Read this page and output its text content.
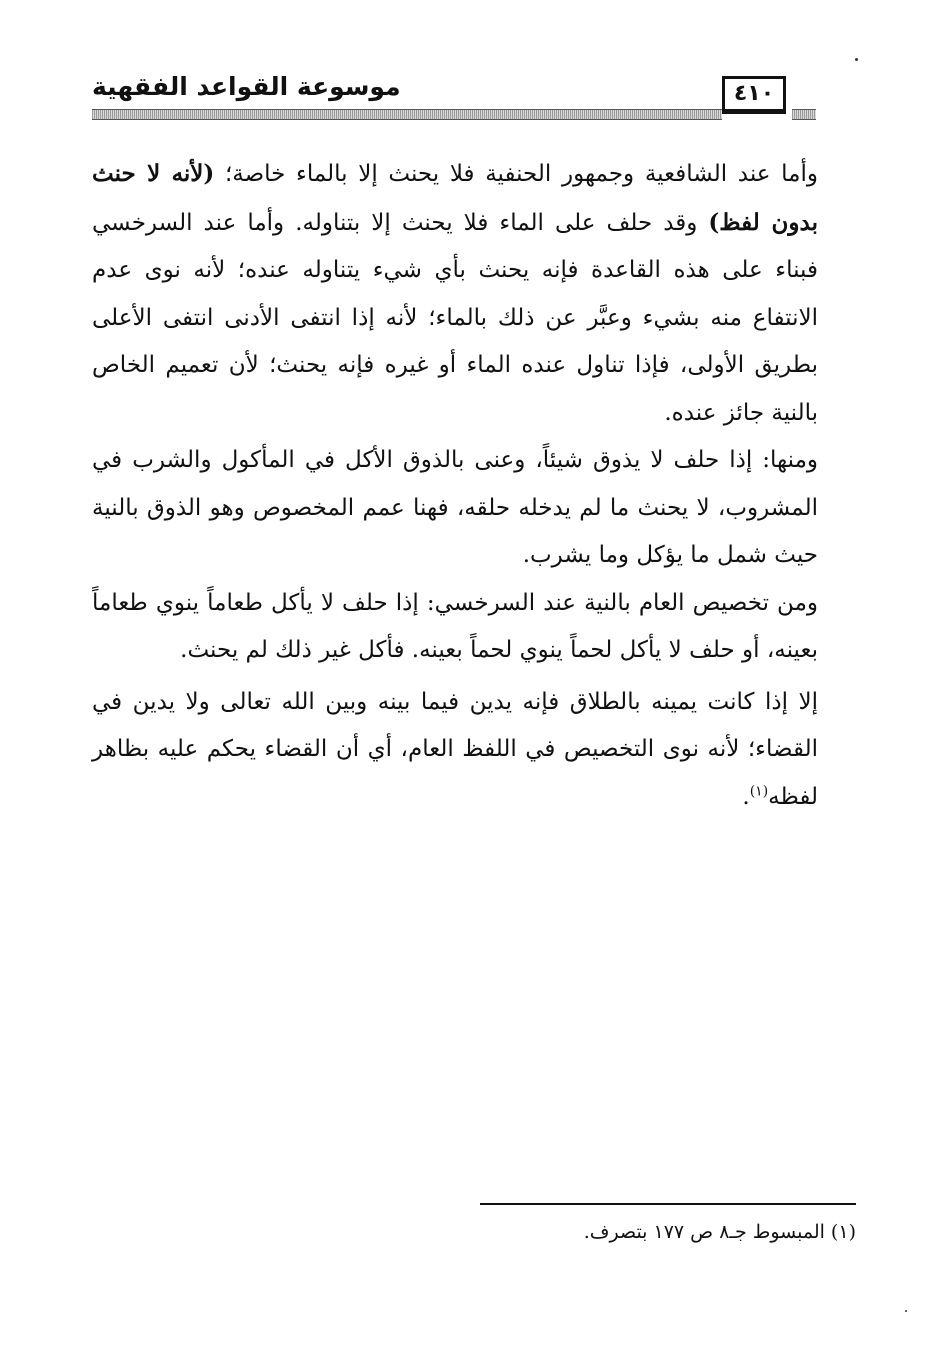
موسوعة القواعد الفقهية	٤١٠

وأما عند الشافعية وجمهور الحنفية فلا يحنث إلا بالماء خاصة؛ (لأنه لا حنث بدون لفظ) وقد حلف على الماء فلا يحنث إلا بتناوله. وأما عند السرخسي فبناء على هذه القاعدة فإنه يحنث بأي شيء يتناوله عنده؛ لأنه نوى عدم الانتفاع منه بشيء وعبَّر عن ذلك بالماء؛ لأنه إذا انتفى الأدنى انتفى الأعلى بطريق الأولى، فإذا تناول عنده الماء أو غيره فإنه يحنث؛ لأن تعميم الخاص بالنية جائز عنده.

ومنها: إذا حلف لا يذوق شيئاً، وعنى بالذوق الأكل في المأكول والشرب في المشروب، لا يحنث ما لم يدخله حلقه، فهنا عمم المخصوص وهو الذوق بالنية حيث شمل ما يؤكل وما يشرب.

ومن تخصيص العام بالنية عند السرخسي: إذا حلف لا يأكل طعاماً ينوي طعاماً بعينه، أو حلف لا يأكل لحماً ينوي لحماً بعينه. فأكل غير ذلك لم يحنث.

إلا إذا كانت يمينه بالطلاق فإنه يدين فيما بينه وبين الله تعالى ولا يدين في القضاء؛ لأنه نوى التخصيص في اللفظ العام، أي أن القضاء يحكم عليه بظاهر لفظه$^{(١)}$.

(١) المبسوط جـ٨ ص ١٧٧ بتصرف.
